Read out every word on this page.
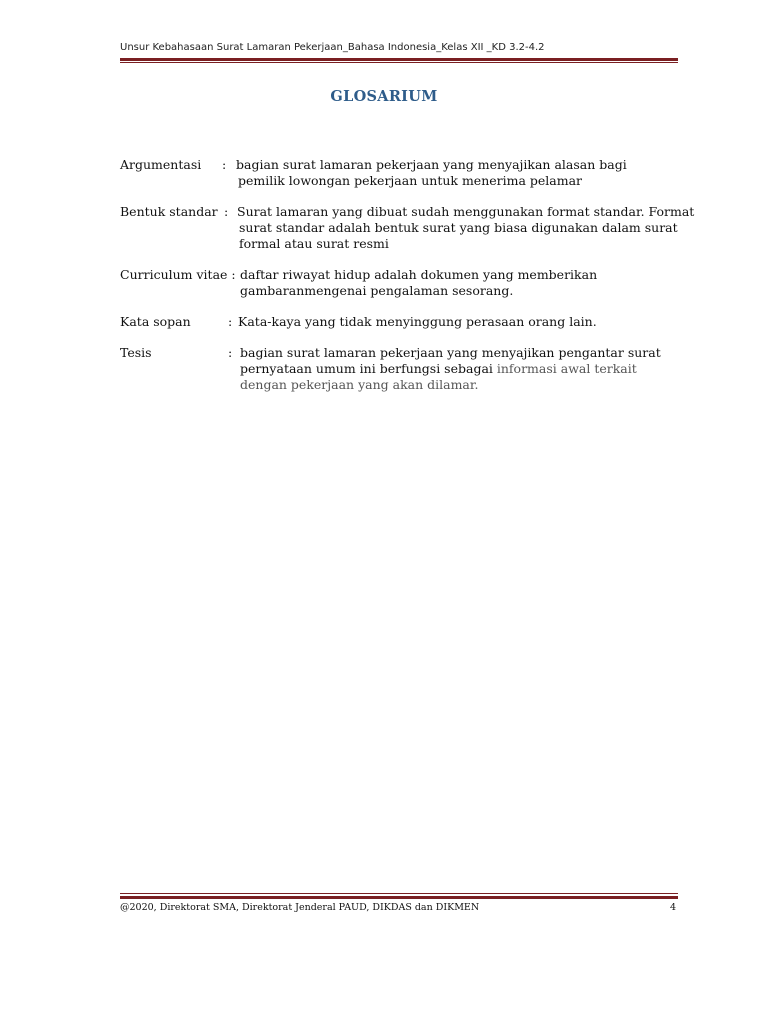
Unsur Kebahasaan Surat Lamaran Pekerjaan_Bahasa Indonesia_Kelas XII _KD 3.2-4.2
GLOSARIUM
Argumentasi : bagian surat lamaran pekerjaan yang menyajikan alasan bagi
pemilik lowongan pekerjaan untuk menerima pelamar
Bentuk standar : Surat lamaran yang dibuat sudah menggunakan format standar. Format
surat standar adalah bentuk surat yang biasa digunakan dalam surat
formal atau surat resmi
Curriculum vitae : daftar riwayat hidup adalah dokumen yang memberikan
gambaranmengenai pengalaman sesorang.
Kata sopan	: Kata-kaya yang tidak menyinggung perasaan orang lain.
Tesis	: bagian surat lamaran pekerjaan yang menyajikan pengantar surat
pernyataan umum ini berfungsi sebagai informasi awal terkait
dengan pekerjaan yang akan dilamar.
@2020, Direktorat SMA, Direktorat Jenderal PAUD, DIKDAS dan DIKMEN	4
